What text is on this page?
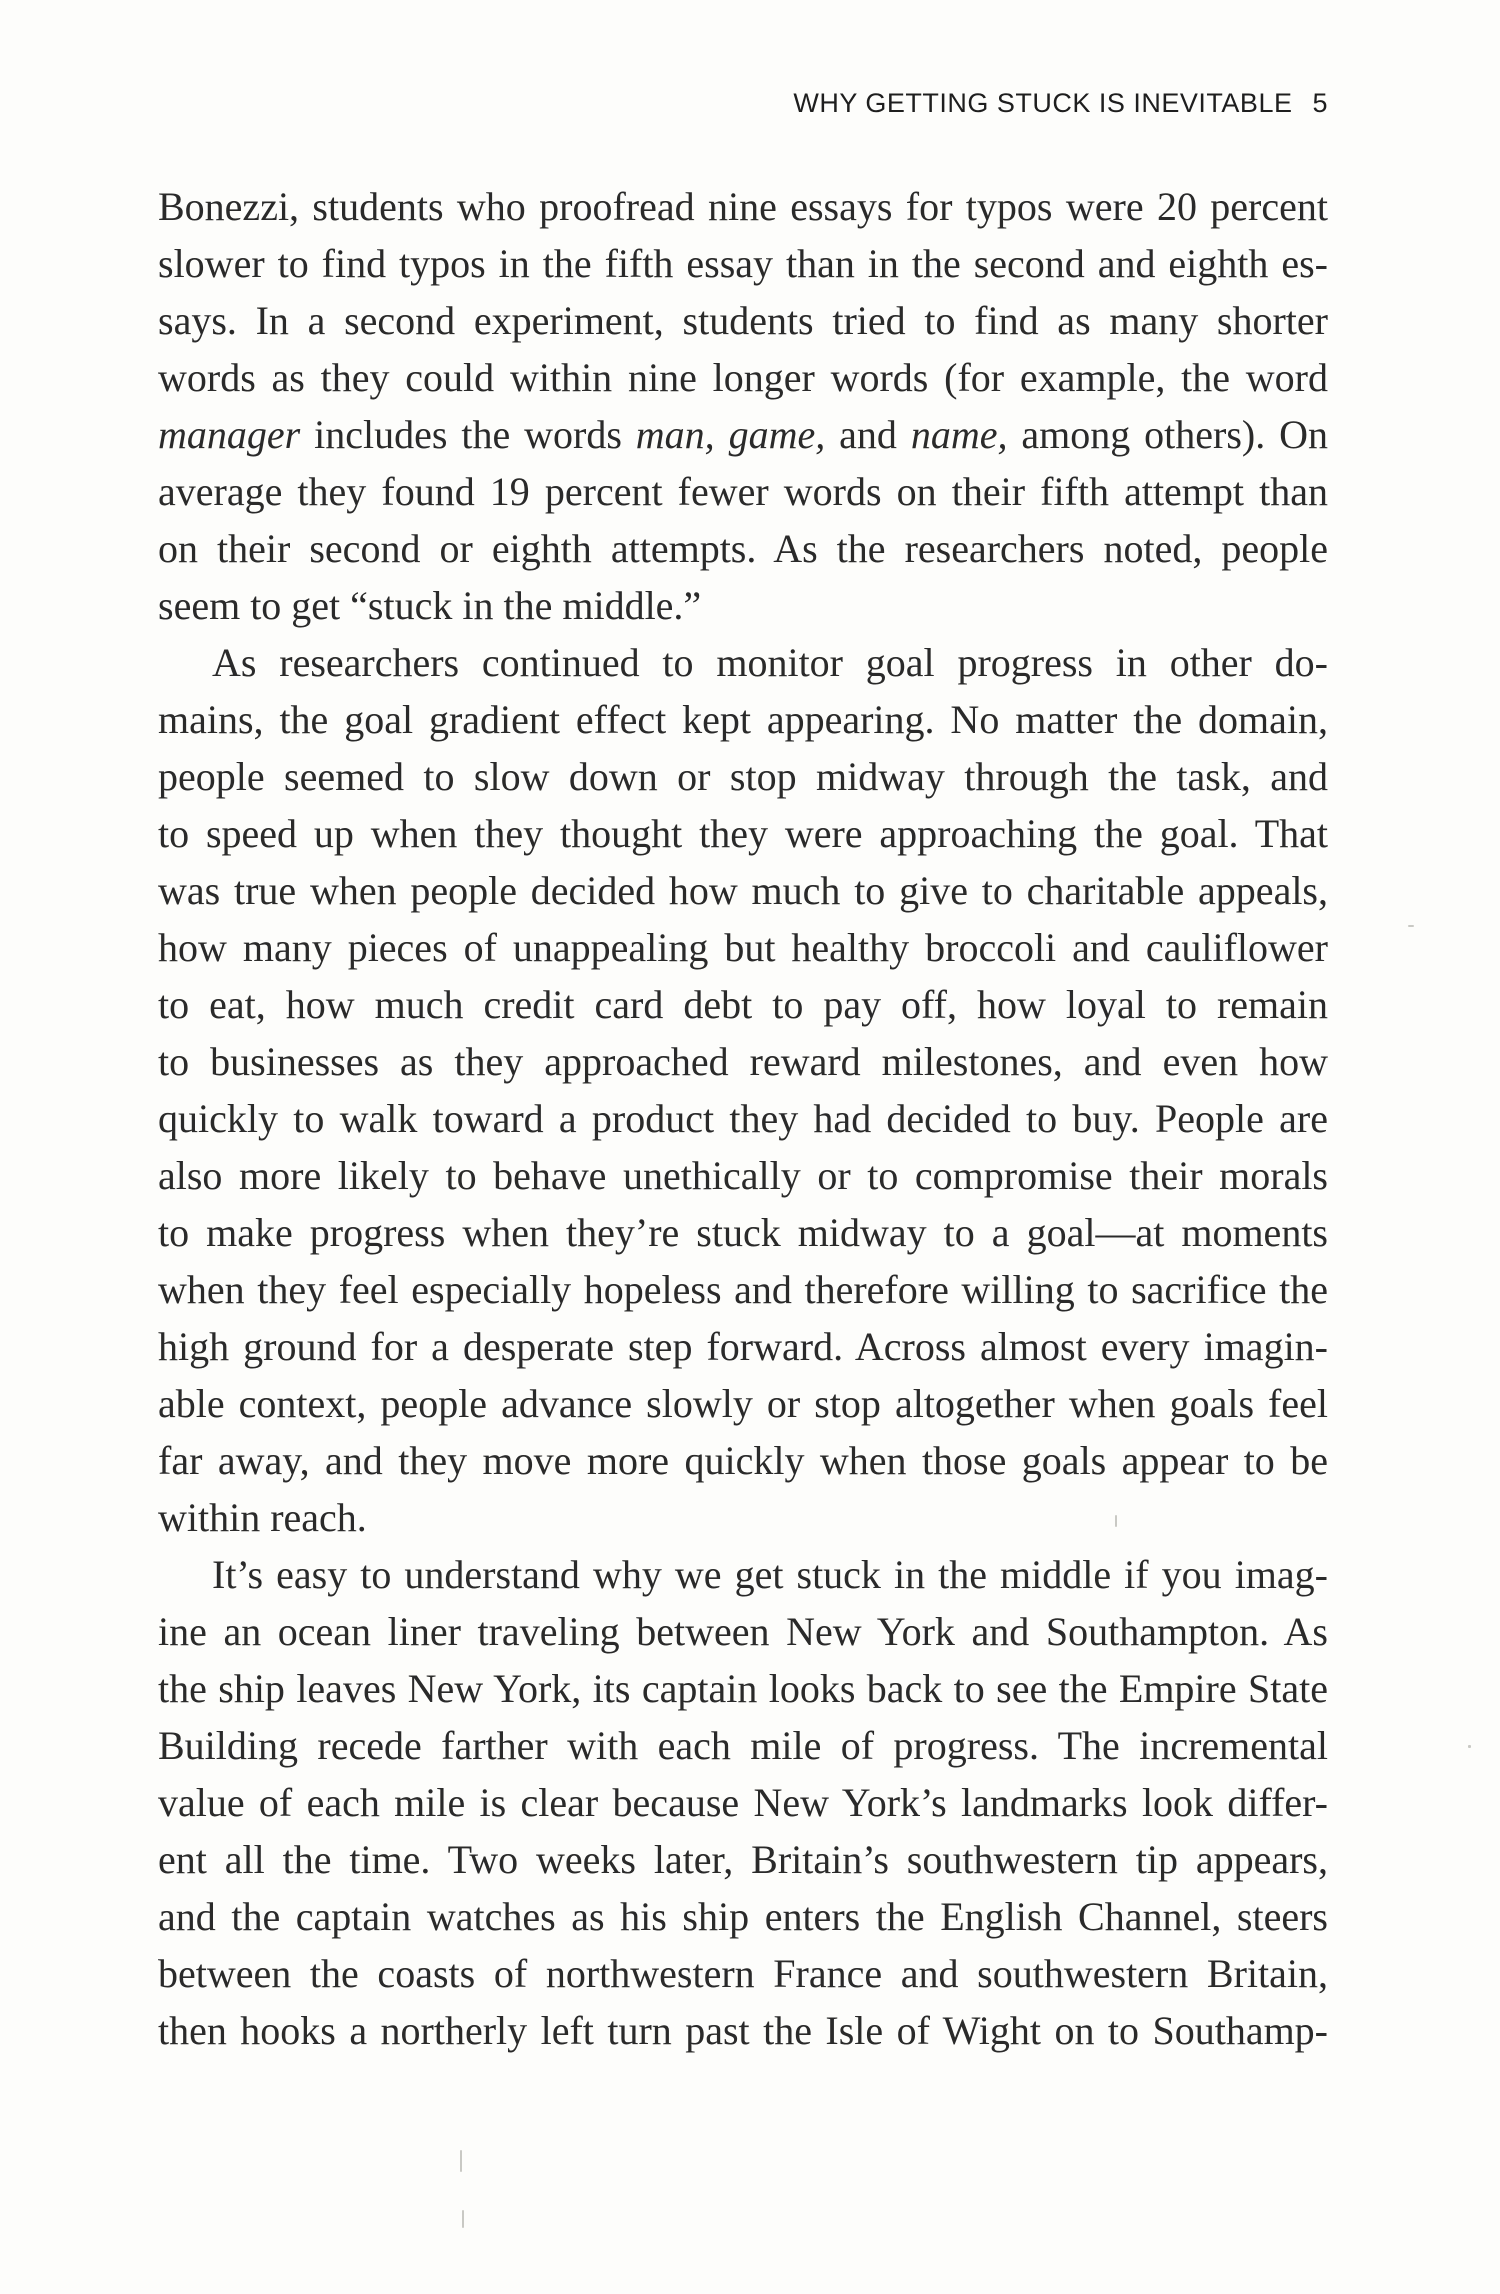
WHY GETTING STUCK IS INEVITABLE 5
Bonezzi, students who proofread nine essays for typos were 20 percent
slower to find typos in the fifth essay than in the second and eighth es-
says. In a second experiment, students tried to find as many shorter
words as they could within nine longer words (for example, the word
manager includes the words man, game, and name, among others). On
average they found 19 percent fewer words on their fifth attempt than
on their second or eighth attempts. As the researchers noted, people
seem to get “stuck in the middle.”
As researchers continued to monitor goal progress in other do-
mains, the goal gradient effect kept appearing. No matter the domain,
people seemed to slow down or stop midway through the task, and
to speed up when they thought they were approaching the goal. That
was true when people decided how much to give to charitable appeals,
how many pieces of unappealing but healthy broccoli and cauliflower
to eat, how much credit card debt to pay off, how loyal to remain
to businesses as they approached reward milestones, and even how
quickly to walk toward a product they had decided to buy. People are
also more likely to behave unethically or to compromise their morals
to make progress when they’re stuck midway to a goal—at moments
when they feel especially hopeless and therefore willing to sacrifice the
high ground for a desperate step forward. Across almost every imagin-
able context, people advance slowly or stop altogether when goals feel
far away, and they move more quickly when those goals appear to be
within reach.
It’s easy to understand why we get stuck in the middle if you imag-
ine an ocean liner traveling between New York and Southampton. As
the ship leaves New York, its captain looks back to see the Empire State
Building recede farther with each mile of progress. The incremental
value of each mile is clear because New York’s landmarks look differ-
ent all the time. Two weeks later, Britain’s southwestern tip appears,
and the captain watches as his ship enters the English Channel, steers
between the coasts of northwestern France and southwestern Britain,
then hooks a northerly left turn past the Isle of Wight on to Southamp-
